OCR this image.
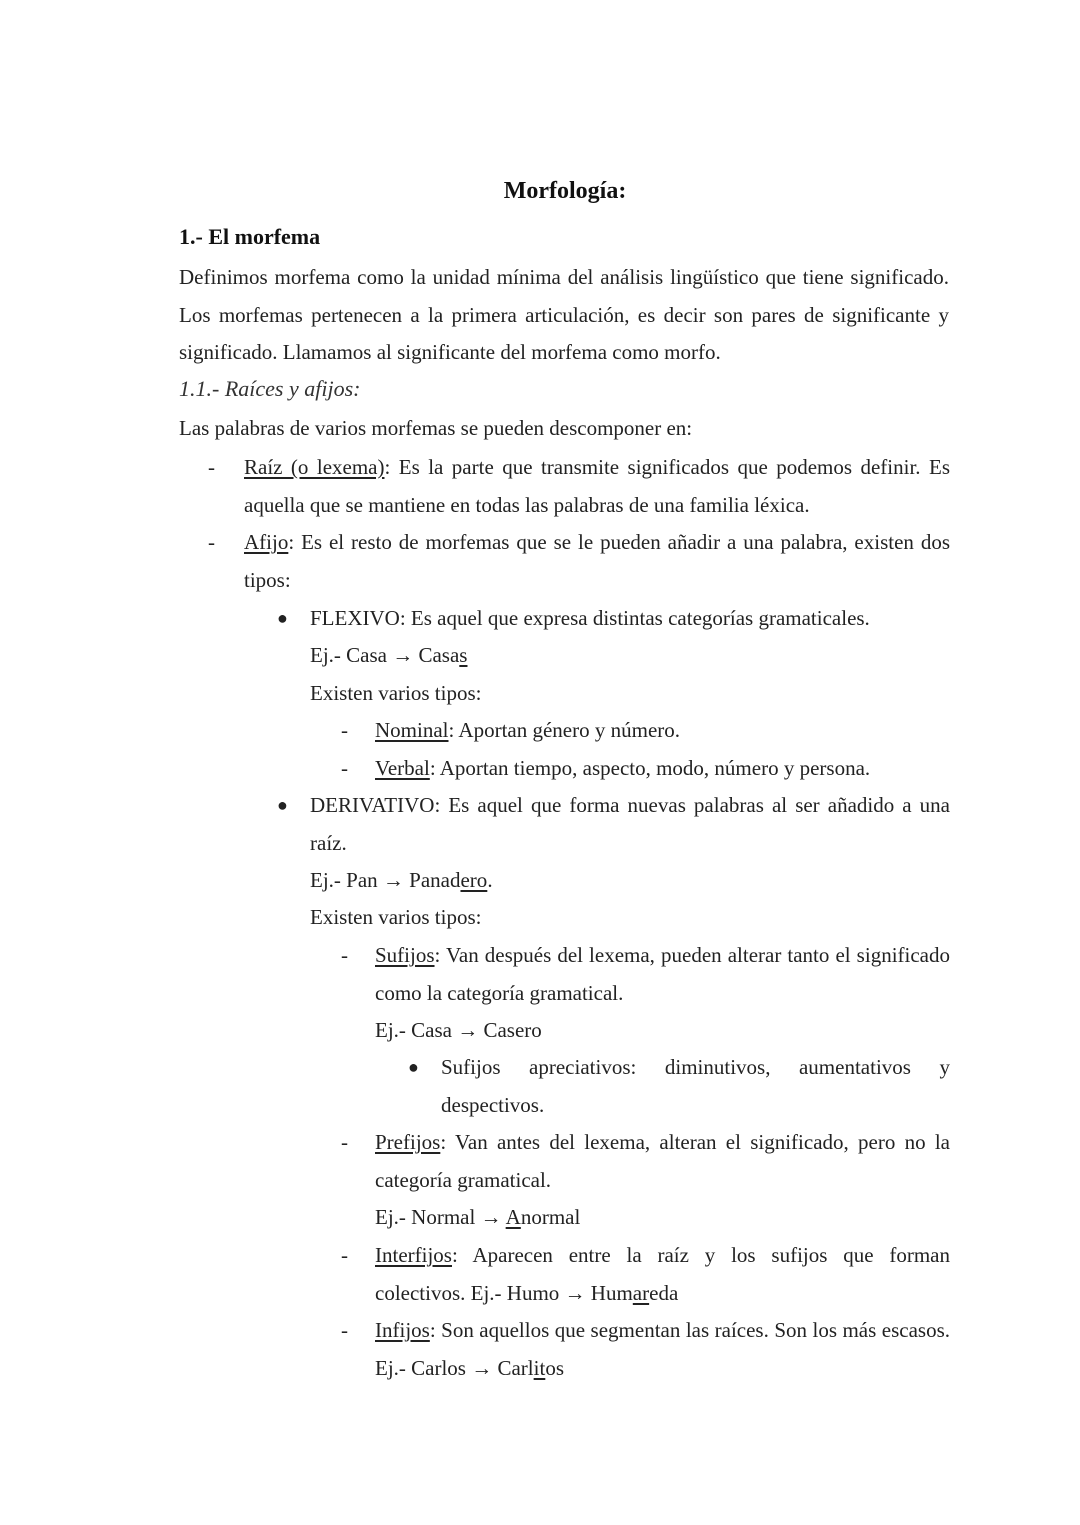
Morfología:
1.- El morfema
Definimos morfema como la unidad mínima del análisis lingüístico que tiene significado. Los morfemas pertenecen a la primera articulación, es decir son pares de significante y significado. Llamamos al significante del morfema como morfo.
1.1.- Raíces y afijos:
Las palabras de varios morfemas se pueden descomponer en:
- Raíz (o lexema): Es la parte que transmite significados que podemos definir. Es aquella que se mantiene en todas las palabras de una familia léxica.
- Afijo: Es el resto de morfemas que se le pueden añadir a una palabra, existen dos tipos:
● FLEXIVO: Es aquel que expresa distintas categorías gramaticales.
Ej.- Casa → Casas
Existen varios tipos:
- Nominal: Aportan género y número.
- Verbal: Aportan tiempo, aspecto, modo, número y persona.
● DERIVATIVO: Es aquel que forma nuevas palabras al ser añadido a una raíz.
Ej.- Pan → Panadero.
Existen varios tipos:
- Sufijos: Van después del lexema, pueden alterar tanto el significado como la categoría gramatical.
Ej.- Casa → Casero
● Sufijos apreciativos: diminutivos, aumentativos y despectivos.
- Prefijos: Van antes del lexema, alteran el significado, pero no la categoría gramatical.
Ej.- Normal → Anormal
- Interfijos: Aparecen entre la raíz y los sufijos que forman colectivos. Ej.- Humo → Humareda
- Infijos: Son aquellos que segmentan las raíces. Son los más escasos. Ej.- Carlos → Carlitos
